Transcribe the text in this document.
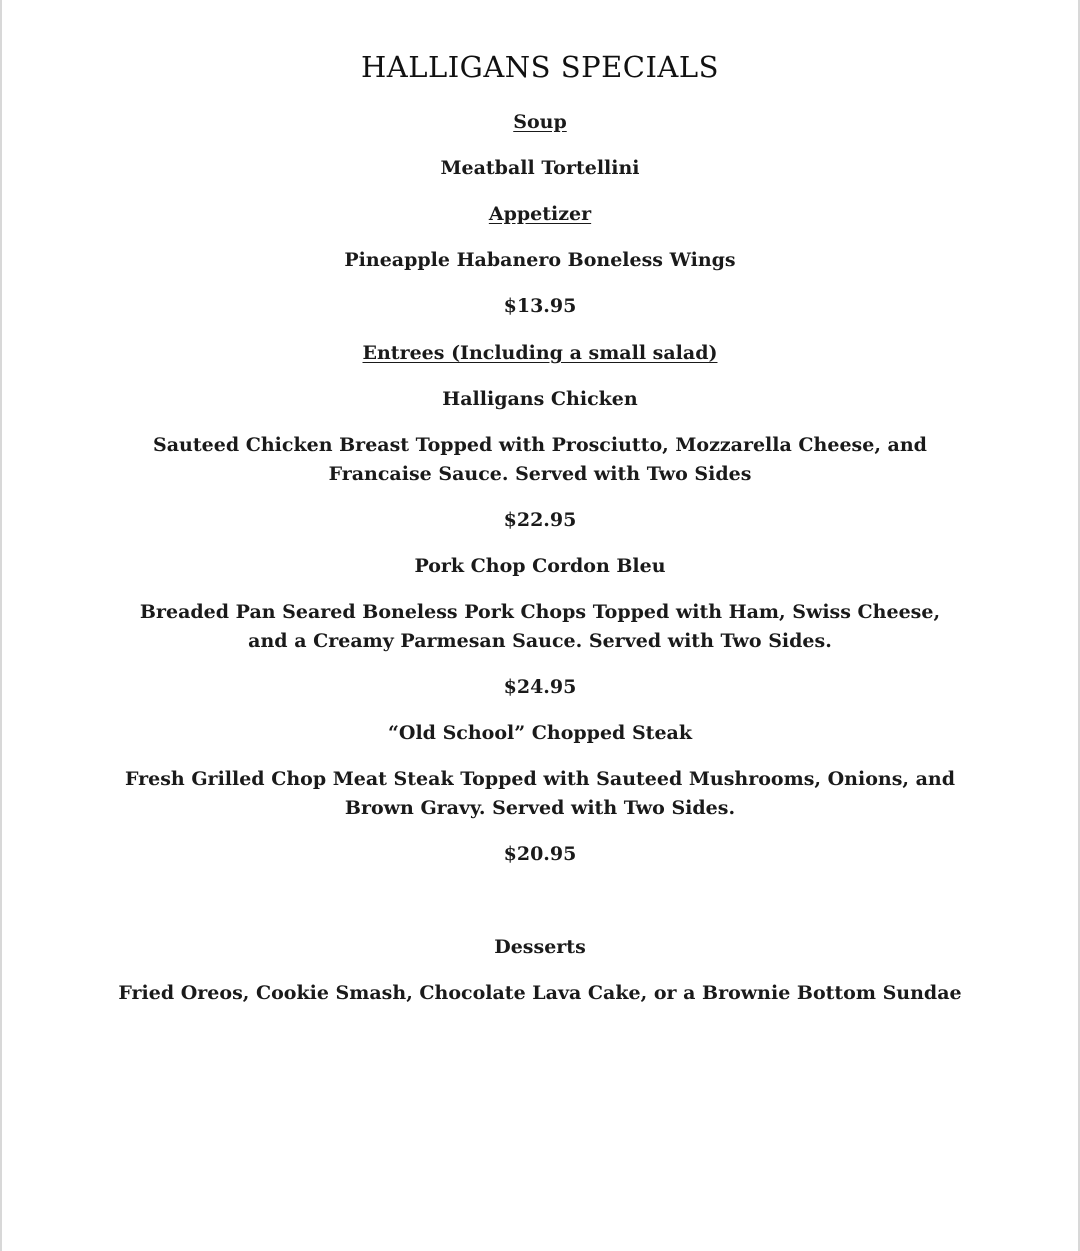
HALLIGANS SPECIALS
Soup
Meatball Tortellini
Appetizer
Pineapple Habanero Boneless Wings
$13.95
Entrees (Including a small salad)
Halligans Chicken
Sauteed Chicken Breast Topped with Prosciutto, Mozzarella Cheese, and Francaise Sauce. Served with Two Sides
$22.95
Pork Chop Cordon Bleu
Breaded Pan Seared Boneless Pork Chops Topped with Ham, Swiss Cheese, and a Creamy Parmesan Sauce. Served with Two Sides.
$24.95
“Old School” Chopped Steak
Fresh Grilled Chop Meat Steak Topped with Sauteed Mushrooms, Onions, and Brown Gravy. Served with Two Sides.
$20.95
Desserts
Fried Oreos, Cookie Smash, Chocolate Lava Cake, or a Brownie Bottom Sundae
